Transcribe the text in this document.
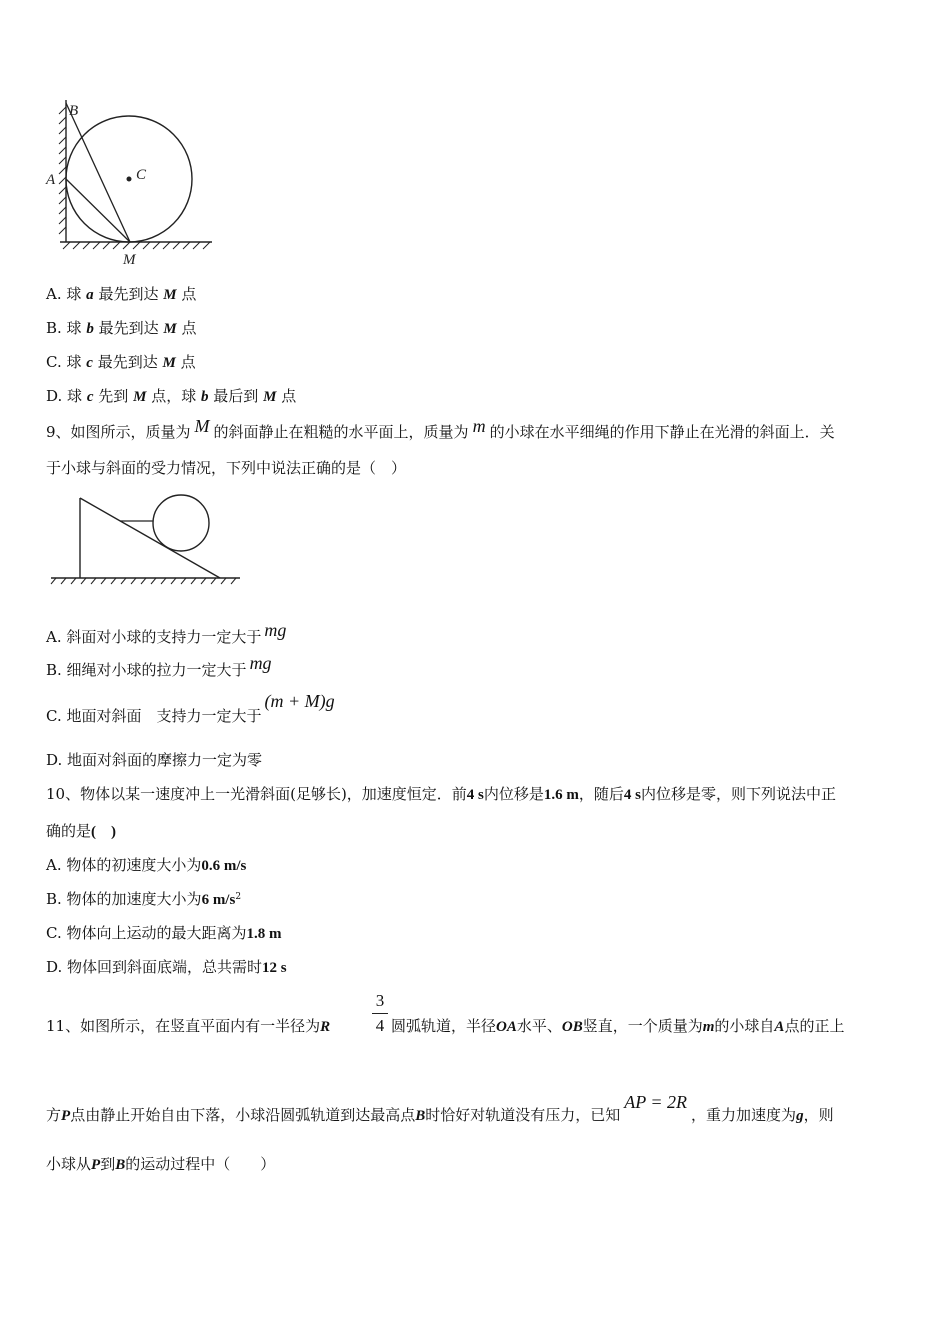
B
A	C
M
A. 球 a 最先到达 M 点
B. 球 b 最先到达 M 点
C. 球 c 最先到达 M 点
D. 球 c 先到 M 点，球 b 最后到 M 点
9、如图所示，质量为 M 的斜面静止在粗糙的水平面上，质量为 m 的小球在水平细绳的作用下静止在光滑的斜面上．关
于小球与斜面的受力情况，下列中说法正确的是（　）
A. 斜面对小球的支持力一定大于 mg
B. 细绳对小球的拉力一定大于 mg
C. 地面对斜面　支持力一定大于(m + M)g
D. 地面对斜面的摩擦力一定为零
10、物体以某一速度冲上一光滑斜面(足够长)，加速度恒定．前4 s内位移是1.6 m，随后4 s内位移是零，则下列说法中正
确的是(　)
A. 物体的初速度大小为0.6 m/s
B. 物体的加速度大小为6 $m/s^2$
C. 物体向上运动的最大距离为1.8 m
D. 物体回到斜面底端，总共需时12 s
3
4
11、如图所示，在竖直平面内有一半径为R	圆弧轨道，半径OA水平、OB竖直，一个质量为m的小球自A点的正上
方P点由静止开始自由下落，小球沿圆弧轨道到达最高点B时恰好对轨道没有压力，已知AP = 2R，重力加速度为g，则
小球从P到B的运动过程中（　　）
